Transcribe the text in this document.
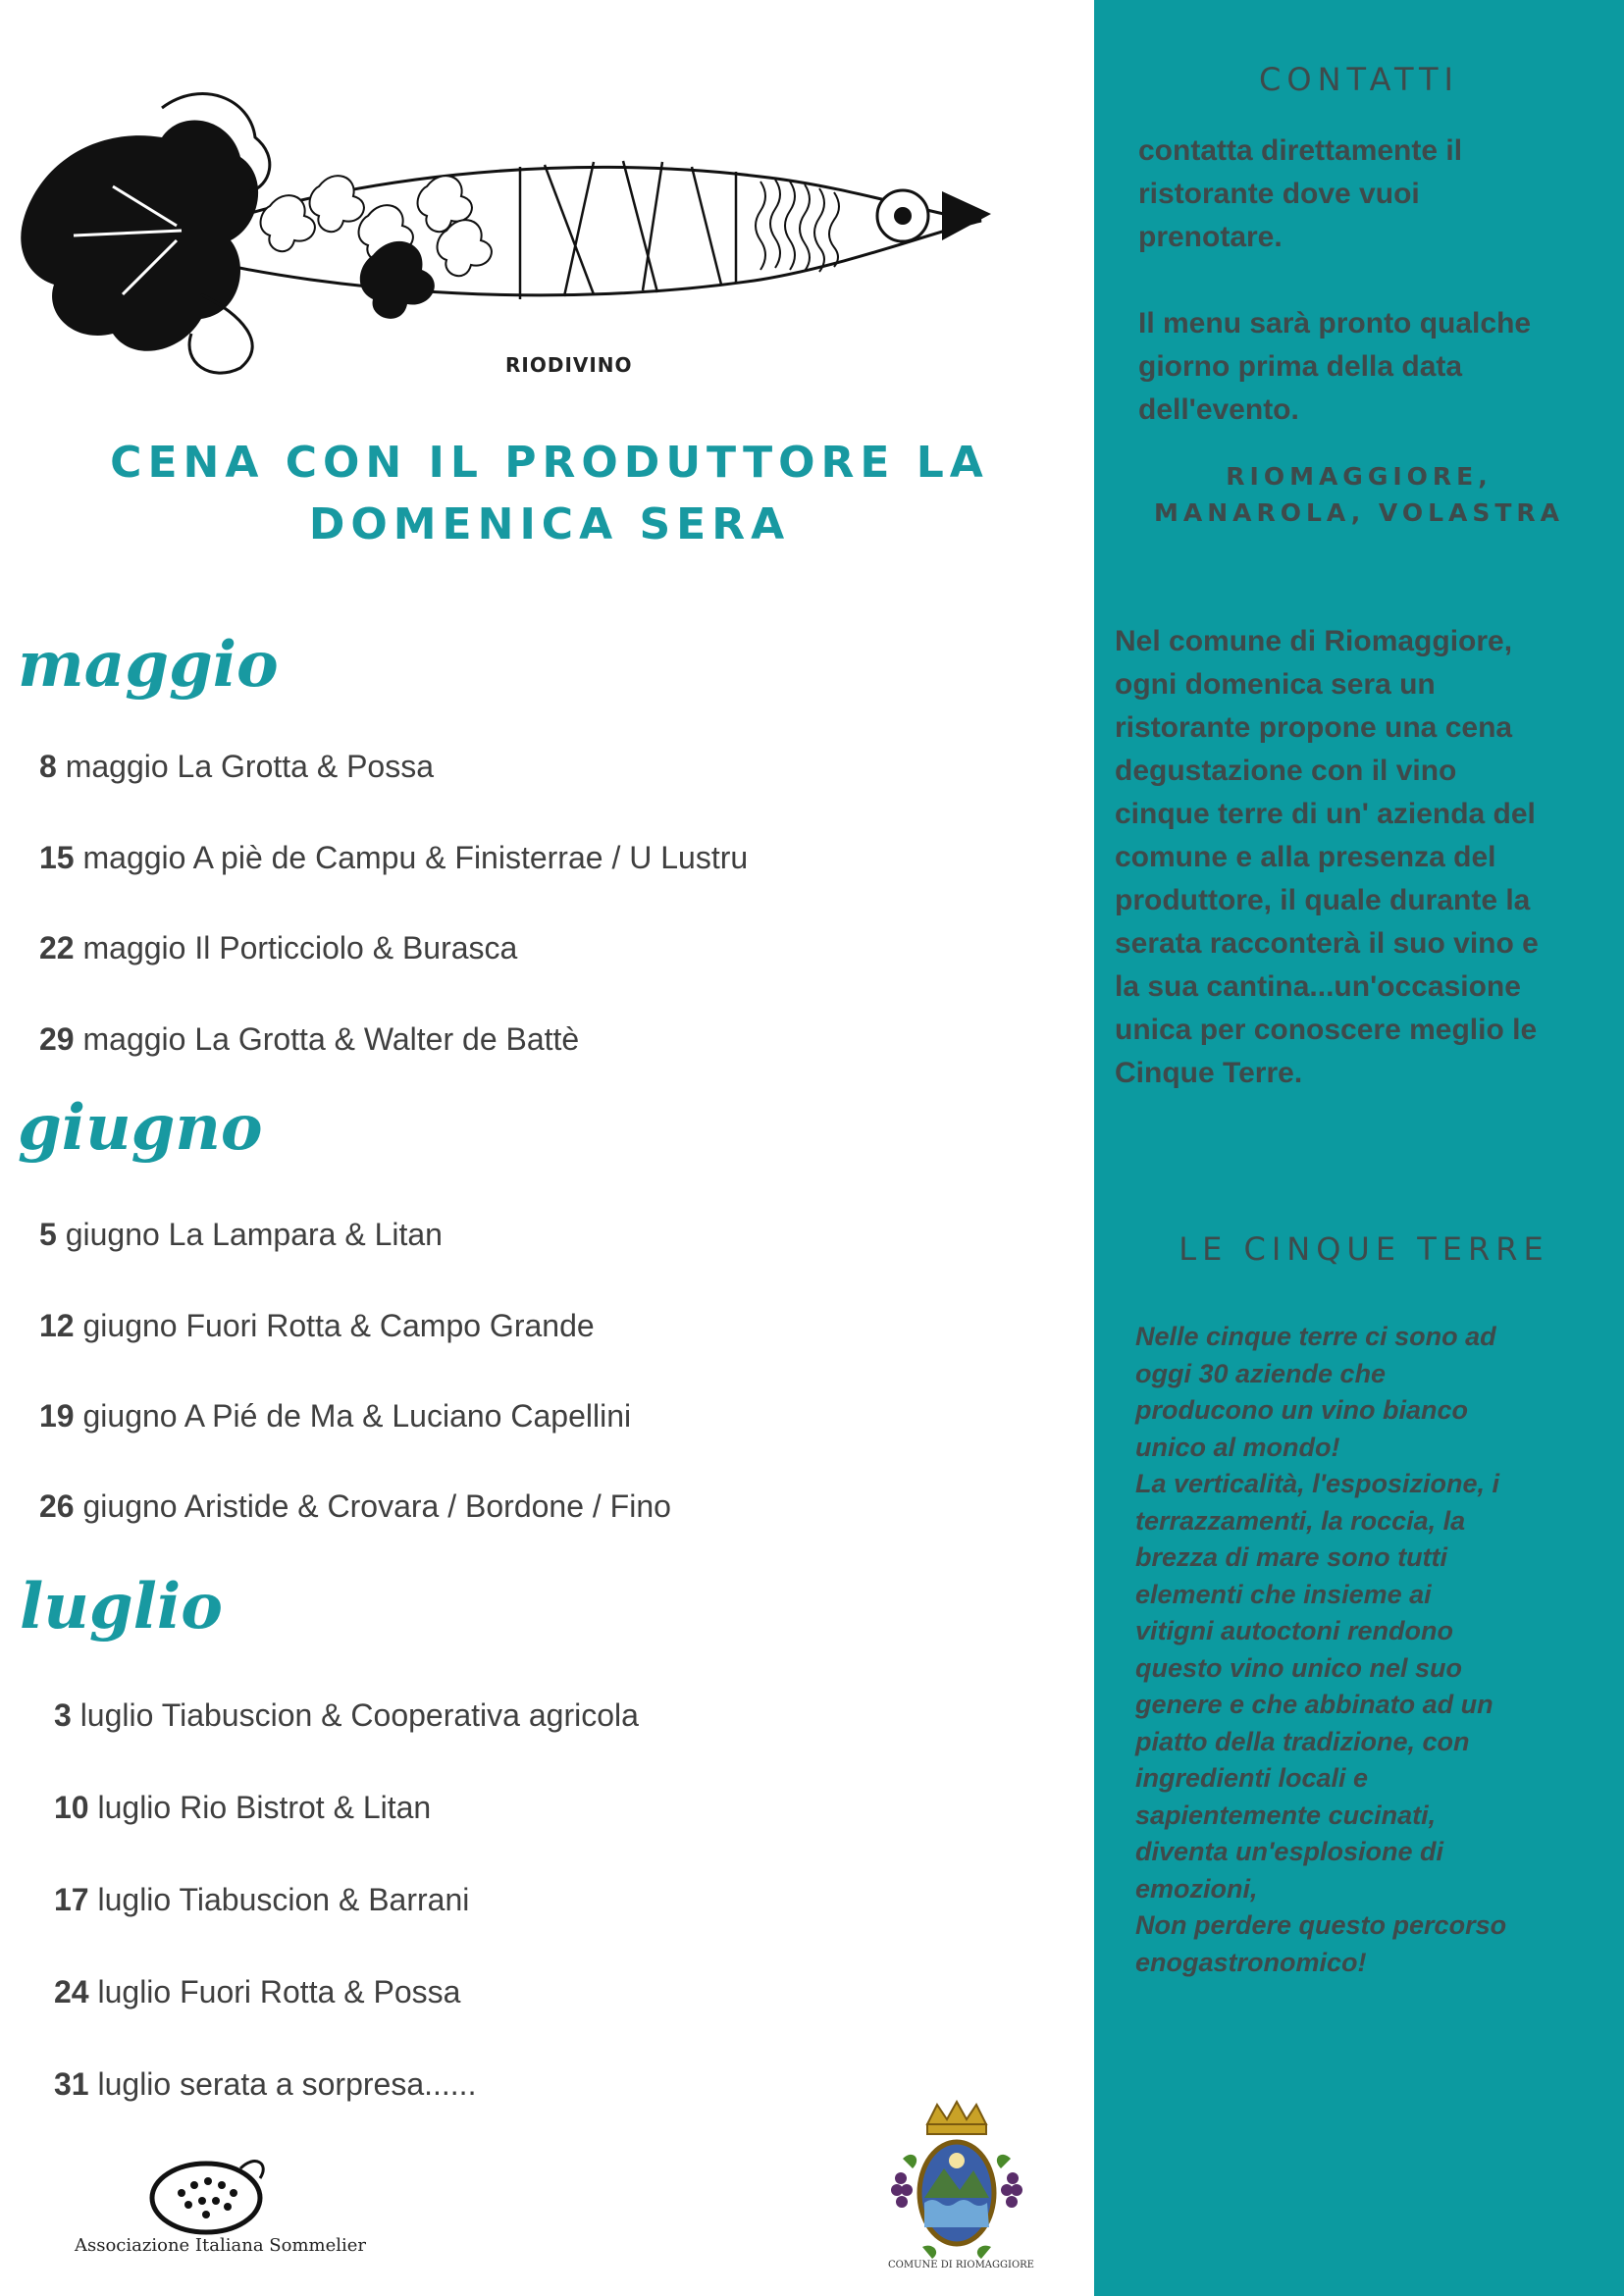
RIODIVINO
CENA CON IL PRODUTTORE LA
DOMENICA SERA
maggio
8 maggio La Grotta & Possa
15 maggio A piè de Campu & Finisterrae / U Lustru
22 maggio Il Porticciolo & Burasca
29 maggio La Grotta & Walter de Battè
giugno
5 giugno La Lampara & Litan
12 giugno Fuori Rotta & Campo Grande
19 giugno A Pié de Ma & Luciano Capellini
26 giugno Aristide & Crovara / Bordone / Fino
luglio
3 luglio Tiabuscion & Cooperativa agricola
10 luglio Rio Bistrot & Litan
17 luglio Tiabuscion & Barrani
24 luglio Fuori Rotta & Possa
31 luglio serata a sorpresa......
CONTATTI
contatta direttamente il
ristorante dove vuoi
prenotare.

Il menu sarà pronto qualche
giorno prima della data
dell'evento.
RIOMAGGIORE,
MANAROLA, VOLASTRA
Nel comune di Riomaggiore,
ogni domenica sera un
ristorante propone una cena
degustazione con il vino
cinque terre di un' azienda del
comune e alla presenza del
produttore, il quale durante la
serata racconterà il suo vino e
la sua cantina...un'occasione
unica per conoscere meglio le
Cinque Terre.
LE CINQUE TERRE
Nelle cinque terre ci sono ad
oggi 30 aziende che
producono un vino bianco
unico al mondo!
La verticalità, l'esposizione, i
terrazzamenti, la roccia, la
brezza di mare sono tutti
elementi che insieme ai
vitigni autoctoni rendono
questo vino unico nel suo
genere e che abbinato ad un
piatto della tradizione, con
ingredienti locali e
sapientemente cucinati,
diventa un'esplosione di
emozioni,
Non perdere questo percorso
enogastronomico!
Associazione Italiana Sommelier
COMUNE DI RIOMAGGIORE
